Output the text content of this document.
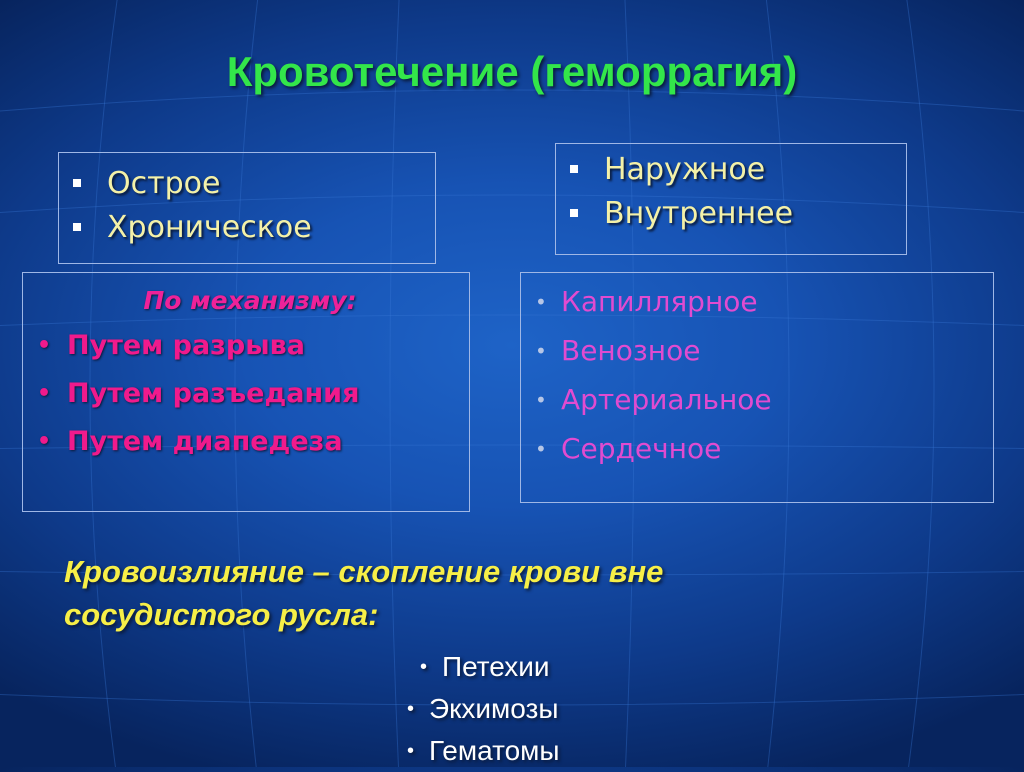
Кровотечение (геморрагия)
Острое
Хроническое
Наружное
Внутреннее
По механизму:
• Путем разрыва
• Путем разъедания
• Путем диапедеза
• Капиллярное
• Венозное
• Артериальное
• Сердечное
Кровоизлияние – скопление крови вне
сосудистого русла:
• Петехии
• Экхимозы
• Гематомы
